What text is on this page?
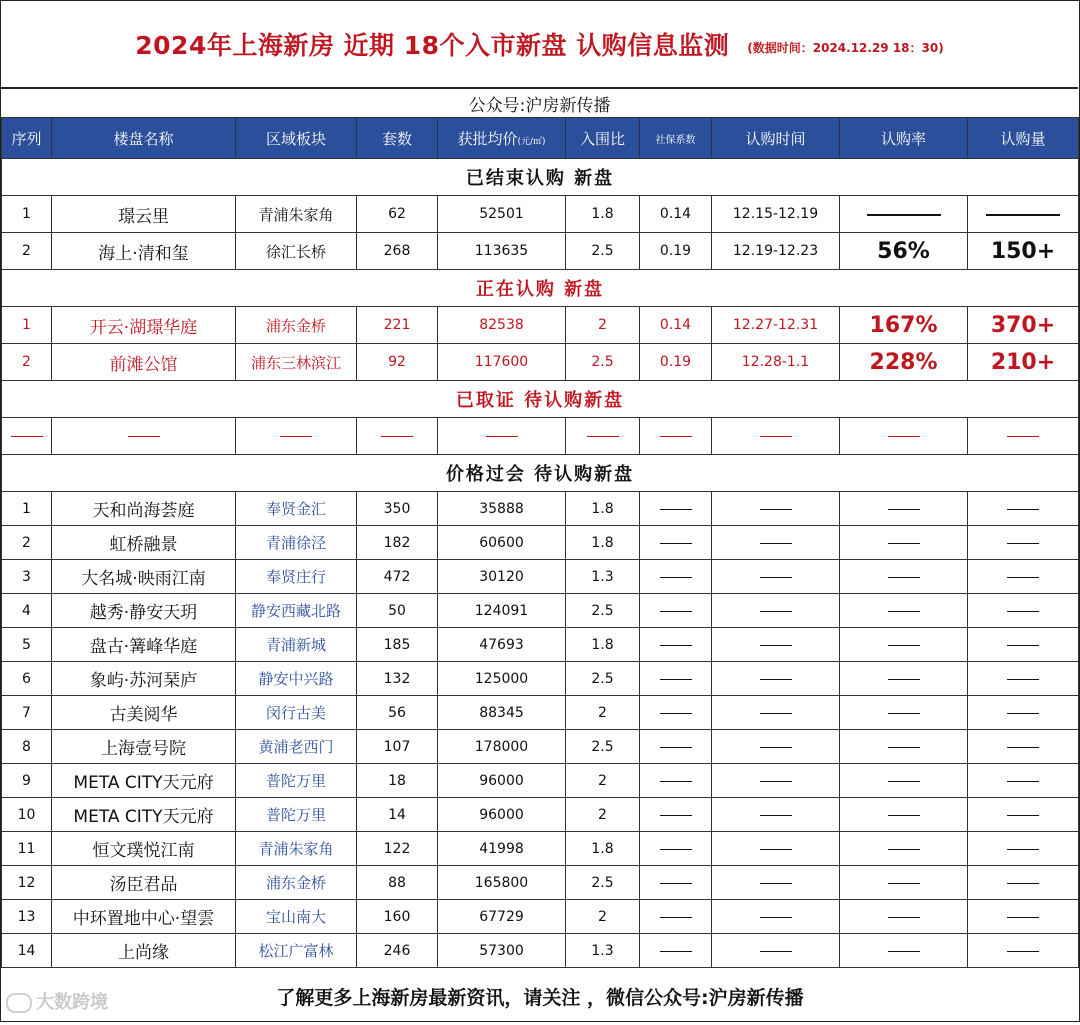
2024年上海新房 近期 18个入市新盘 认购信息监测 (数据时间：2024.12.29 18：30)
公众号:沪房新传播
序列	楼盘名称	区域板块	套数	获批均价(元/㎡)	入围比	社保系数	认购时间	认购率	认购量
已结束认购 新盘									
1	璟云里	青浦朱家角	62	52501	1.8	0.14	12.15-12.19		
2	海上·清和玺	徐汇长桥	268	113635	2.5	0.19	12.19-12.23	56%	150+
正在认购 新盘									
1	开云·湖璟华庭	浦东金桥	221	82538	2	0.14	12.27-12.31	167%	370+
2	前滩公馆	浦东三林滨江	92	117600	2.5	0.19	12.28-1.1	228%	210+
已取证 待认购新盘									

价格过会 待认购新盘									
1	天和尚海荟庭	奉贤金汇	350	35888	1.8				
2	虹桥融景	青浦徐泾	182	60600	1.8				
3	大名城·映雨江南	奉贤庄行	472	30120	1.3				
4	越秀·静安天玥	静安西藏北路	50	124091	2.5				
5	盘古·篝峰华庭	青浦新城	185	47693	1.8				
6	象屿·苏河琹庐	静安中兴路	132	125000	2.5				
7	古美阅华	闵行古美	56	88345	2				
8	上海壹号院	黄浦老西门	107	178000	2.5				
9	META CITY天元府	普陀万里	18	96000	2				
10	META CITY天元府	普陀万里	14	96000	2				
11	恒文璞悦江南	青浦朱家角	122	41998	1.8				
12	汤臣君品	浦东金桥	88	165800	2.5				
13	中环置地中心·望雲	宝山南大	160	67729	2				
14	上尚缘	松江广富林	246	57300	1.3				
了解更多上海新房最新资讯，请关注 ，微信公众号:沪房新传播									
大数跨境
